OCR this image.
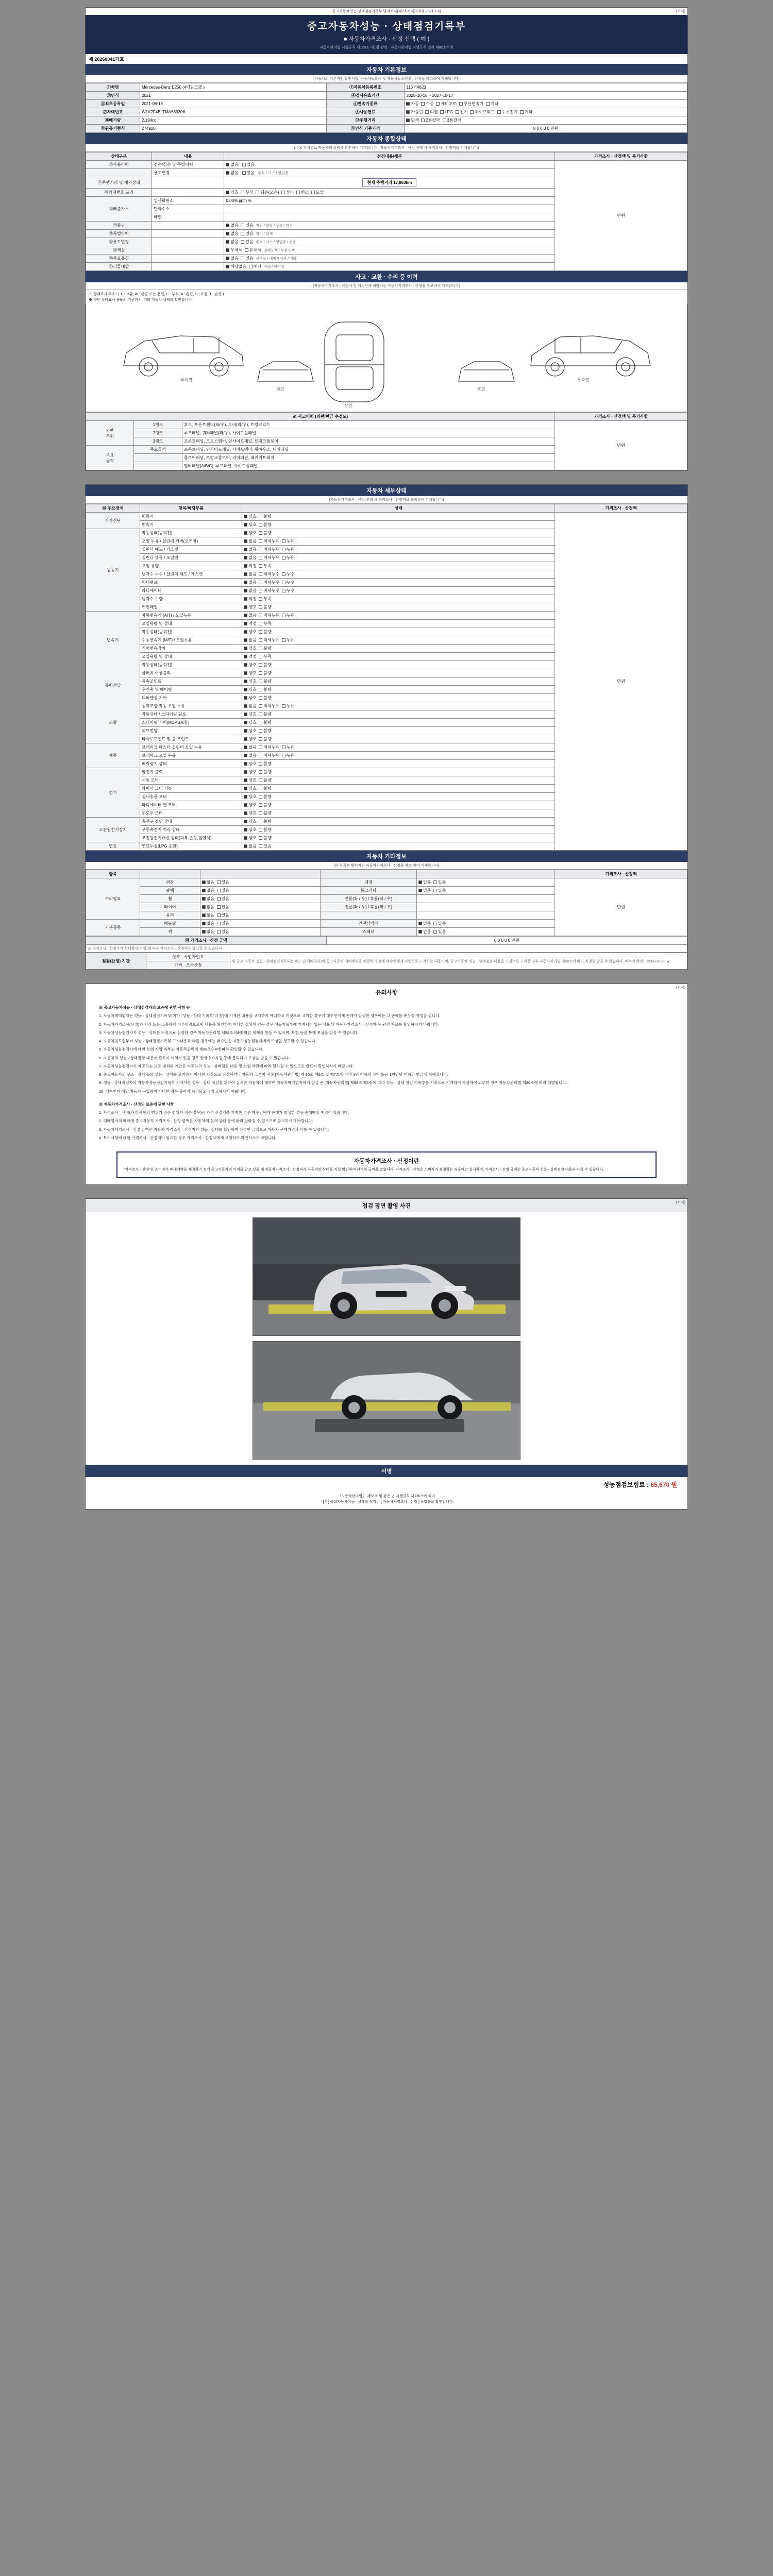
(서식)
중고자동차성능·상태점검기록부 별지서식(제7호서식) (개정 2021.1.6)
중고자동차성능 · 상태점검기록부
■ 자동차가격조사 · 산정 선택 ( 예 )
자동차관리법 시행규칙 제120조 제1항 관련 · 자동차관리법 시행규칙 별지 제82호서식
제 20260041가호
자동차 기본정보
(자동차의 기본적인 확인사항, 자동차등록증 및 자동차등록원부 · 산정을 참고하여 기재합니다)
①차명	Mercedes-Benz E250 (4매탄모델 )	②자동차등록번호	116거4823
③연식	2021	④검사유효기간	2025-10-18 ~ 2027-10-17
⑤최초등록일	2021-08-19	⑥변속기종류	자동 수동 세미오토 무단변속기 기타
⑦차대번호	W1K2F4BLTMA669306	⑧사용연료	가솔린 디젤 LPG 전기 하이브리드 수소전기 기타
⑪배기량	2,194cc	⑫주행거리	단색 2톤칼라 3톤칼라
⑬원동기형식	274920	⑮연식 기준가격	0 0 0 0 0 만원
자동차 종합상태
(주요 장치별로 자동차의 상태를 확인하여 기재합니다 · 자동차가격조사 · 산정 선택 시 가격조사 · 산정액을 기재합니다)
상태구분	내용	점검내용/세부	가격조사 · 산정액 및 특기사항
⑯사용이력	전손/침수 및 특별이력	없음 있음	만원
	용도변경	없음 있음 렌트 / 리스 / 영업용	
⑰주행거리 및 계기상태		현재 주행거리 17,863km	
⑱차대번호 표기		양호 부식 훼손(오손) 상이 변조 도말	
⑲배출가스	일산화탄소	0.00% ppm %	
	탄화수소		
	매연		
⑳튜닝		없음 있음 적법 / 불법 / 구조 / 장치	
㉑특별이력		없음 있음 침수 / 화재	
㉒용도변경		없음 있음 렌트 / 리스 / 영업용 / 관용	
㉓색상		무채색 유채색 전체도색 / 부분도색	
㉔주요옵션		없음 있음 선루프 / 내비게이션 / 기타	
㉕리콜대상		해당없음 해당 이행 / 미이행	
사고 · 교환 · 수리 등 이력
(자동차가격조사 · 산정자 및 매수인에 해당하는 자동차가격조사 · 산정을 참고하여 기재합니다)
※ 상태표시 부호 : ( X : 교환, W : 판금 또는 용접, C : 부식, A : 흠집, U : 요철, T : 손상 )
※ 하단 상태표시 용품의 기준위치, 기타 자동차 상태를 확인합니다
좌측면
상면
우측면
전면	후면
※ 사고이력 (외판/판금 수정도)			가격조사 · 산정액 및 특기사항
외판
부위	1랭크	후드, 프론트펜더(좌/우), 도어(좌/우), 트렁크리드	만원
	2랭크	루프패널, 쿼터패널(좌/우), 사이드실패널	
	3랭크	프론트패널, 크로스멤버, 인사이드패널, 트렁크플로어	
주요
골격	주요골격	프론트패널, 인사이드패널, 사이드멤버, 휠하우스, 대쉬패널	
		플로어패널, 트렁크플로어, 리어패널, 패키지트레이	
		필러패널(A/B/C), 루프패널, 사이드실패널	
(서식)
자동차 세부상태
(자동차가격조사 · 산정 선택 시 가격조사 · 산정액을 포함하여 기재합니다)
㉖ 주요장치	항목/해당부품	상태	가격조사 · 산정액
자가진단	원동기	양호  불량	만원
	변속기	양호  불량	
원동기	작동상태(공회전)	양호  불량	
	오일 누유 / 실린더 커버(로커암)	없음  미세누유  누유	
	실린더 헤드 / 가스켓	없음  미세누유  누유	
	실린더 블록 / 오일팬	없음  미세누유  누유	
	오일 유량	적정  부족	
	냉각수 누수 / 실린더 헤드 / 가스켓	없음  미세누수  누수	
	워터펌프	없음  미세누수  누수	
	라디에이터	없음  미세누수  누수	
	냉각수 수량	적정  부족	
	커먼레일	양호  불량	
변속기	자동변속기 (A/T) / 오일누유	없음  미세누유  누유	
	오일유량 및 상태	적정  부족	
	작동상태(공회전)	양호  불량	
	수동변속기 (M/T) / 오일누유	없음  미세누유  누유	
	기어변속장치	양호  불량	
	오일유량 및 상태	적정  부족	
	작동상태(공회전)	양호  불량	
동력전달	클러치 어셈블리	양호  불량	
	등속조인트	양호  불량	
	추진축 및 베어링	양호  불량	
	디퍼렌셜 기어	양호  불량	
조향	동력조향 작동 오일 누유	없음  미세누유  누유	
	작동상태 / 스티어링 펌프	양호  불량	
	스티어링 기어(MDPS포함)	양호  불량	
	피트먼암	양호  불량	
	타이로드엔드 및 볼 조인트	양호  불량	
제동	브레이크 마스터 실린더 오일 누유	없음  미세누유  누유	
	브레이크 오일 누유	없음  미세누유  누유	
	배력장치 상태	양호  불량	
전기	발전기 출력	양호  불량	
	시동 모터	양호  불량	
	와이퍼 모터 기능	양호  불량	
	실내송풍 모터	양호  불량	
	라디에이터 팬 모터	양호  불량	
	윈도우 모터	양호  불량	
고전원전기장치	충전구 절연 상태	양호  불량	
	구동축전지 격리 상태	양호  불량	
	고전원전기배선 상태(피복,손상,절연체)	양호  불량	
연료	연료누설(LPG 포함)	없음  있음	
자동차 기타정보
(㉗ 항목은 확인자의 자동차가격조사 · 산정을 참조 참여 기재합니다)
항목					가격조사 · 산정액
수리필요	외장	없음  있음	내장	없음  있음	만원
	광택	없음  있음	룸크리닝	없음  있음	
	휠	없음  있음	전륜(좌 / 우) / 후륜(좌 / 우)		
	타이어	없음  있음	전륜(좌 / 우) / 후륜(좌 / 우)		
	유리	없음  있음			
기본품목	매뉴얼	없음  있음	안전삼각대	없음  있음	
	잭	없음  있음	스패너	없음  있음	
㉘ 가격조사 · 산정 금액	0 0 0 0 0 만원
※ 가격조사 · 산정가격 상태확인(사항)에 따라 가격조사 · 산정액은 달라질 수 있습니다
점검(산정) 기관	상호 · 사업자번호	위 중고 자동차 성능 · 상태점검기록부는 매도인(매매업자)이 중고자동차 매매계약을 체결하기 전에 매수인에게 서면으로 고지하는 내용이며, 중고자동차 성능 · 상태점검 내용을 거짓으로 고지한 경우 자동차관리법 제58조에 따라 처벌을 받을 수 있습니다. 매수인 확인 : 1933-07008 ▲
가격 · 조사산정
(서식)
유의사항

※ 중고자동차성능 · 상태점검자의 보증에 관한 사항 등

1. 자동차매매업자는 성능 · 상태점검기록부(이하 "성능 · 상태 기록부"라 함)에 기재된 내용을 고지하지 아니하고 거짓으로 고지할 경우에 매수인에게 손해가 발생한 경우에는 그 손해를 배상할 책임을 집니다.

2. 자동차가격조사(산정)가 거짓 또는 소홀하게 이루어짐으로써 내용을 확인하지 아니한 상황이 있는 경우 성능기록부에 기재되어 있는 내용 및 자동차가격조사 · 산정자 등 관련 자료를 확인하시기 바랍니다.

3. 자동차성능점검자가 성능 · 상태를 거짓으로 점검한 경우 자동차관리법 제58조의4에 따른 제재를 받을 수 있으며, 보험 등을 통해 보상을 받을 수 있습니다.

4. 자동차인도일부터 성능 · 상태점검기록부 고지내용과 다른 경우에는 매수인은 자동차성능점검자에게 보상을 청구할 수 있습니다.

5. 자동차성능점검자에 대한 보험 가입 여부는 자동차관리법 제58조의4에 따라 확인할 수 있습니다.

6. 자동차의 성능 · 상태점검 내용에 관하여 이의가 있을 경우 한국소비자원 등에 문의하여 보상을 받을 수 있습니다.

7. 자동차성능점검자가 제공하는 보증 범위와 기간은 자동차의 성능 · 상태점검 내용 및 보험 약관에 따라 달라질 수 있으므로 반드시 확인하시기 바랍니다.

8. 중고자동차의 구조 · 장치 등의 성능 · 상태를 고지하지 아니한 거짓으로 점검하거나 자동차 고객이 직접 [자동차관리법] 제 80조 제6호 및 제7호에 따라 1년 이하의 징역 또는 1천만원 이하의 벌금에 처해집니다.

9. 성능 · 상태점검자의 자동차성능점검기록부 기재사항 성능 · 상태 점검을 위하여 실시한 자동차에 대하여 자동차매매업자에게 발급 준 [자동차관리법] 제58조 제1항에 따라 성능 · 상태 점검 기록부를 거짓으로 기재하여 작성하여 교부한 경우 자동차관리법 제80조에 따라 처벌됩니다.

10. 매수인이 해당 자동차 구입하지 아니한 경우 불이익 처리되오니 참고하시기 바랍니다.

※ 자동차가격조사 · 산정의 보증에 관한 사항

1. 가격조사 · 산정(가격 사항의 범위가 적은 범위가 적은 경우)은 가격 산정액을 기재한 경우 매수인에게 손해가 발생한 경우 손해배상 책임이 있습니다.

2. 매매업자의 매매에 중고자동차 가격조사 · 산정 금액은 자동차의 현재 상태 등에 따라 달라질 수 있으므로 참고하시기 바랍니다.

3. 자동차가격조사 · 산정 금액은 자동차 가격조사 · 산정자가 성능 · 상태를 확인하여 산정한 금액으로 자동차 구매가격과 다를 수 있습니다.

4. 특기사항에 대한 가격조사 · 산정액이 필요한 경우 가격조사 · 산정자에게 요청하여 확인하시기 바랍니다.

자동차가격조사 · 산정이란
"가격조사 · 산정"은 소비자가 매매계약을 체결하기 전에 중고자동차의 가격을 알고 싶을 때 자동차가격조사 · 산정자가 자동차의 상태를 직접 확인하여 산정한 금액을 말합니다. 가격조사 · 산정은 소비자가 요청하는 경우에만 실시하며, 가격조사 · 산정 금액은 중고자동차 성능 · 상태점검 내용과 다를 수 있습니다.
(서식)
점검 장면 촬영 사진
서명
성능점검보험료 : 65,670 원
「자동차관리법」 제58조 및 같은 법 시행규칙 제120조에 따라
「[ Y ] 중고자동차성능 · 상태를 점검」 [ 자동차가격조사 · 산정 ] 하였음을 확인합니다.
